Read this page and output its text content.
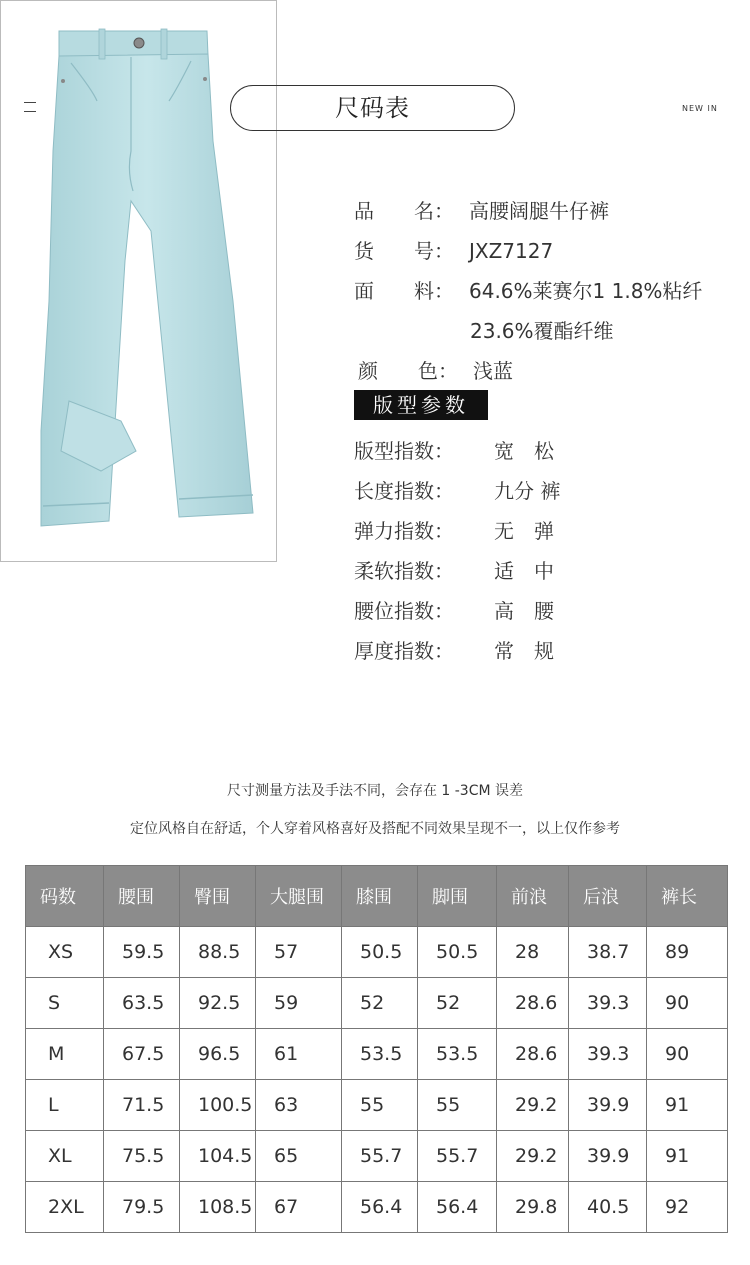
尺码表	NEW IN
品　　名： 高腰阔腿牛仔裤
货　　号： JXZ7127
面　　料： 64.6%莱赛尔1 1.8%粘纤
23.6%覆酯纤维
颜　　色： 浅蓝
版型参数
版型指数： 宽　松
长度指数： 九分 裤
弹力指数： 无　弹
柔软指数： 适　中
腰位指数： 高　腰
厚度指数： 常　规
尺寸测量方法及手法不同，会存在 1 -3CM 误差
定位风格自在舒适，个人穿着风格喜好及搭配不同效果呈现不一，以上仅作参考
码数	腰围	臀围	大腿围	膝围	脚围	前浪	后浪	裤长
XS	59.5	88.5	57	50.5	50.5	28	38.7	89
S	63.5	92.5	59	52	52	28.6	39.3	90
M	67.5	96.5	61	53.5	53.5	28.6	39.3	90
L	71.5	100.5	63	55	55	29.2	39.9	91
XL	75.5	104.5	65	55.7	55.7	29.2	39.9	91
2XL	79.5	108.5	67	56.4	56.4	29.8	40.5	92
